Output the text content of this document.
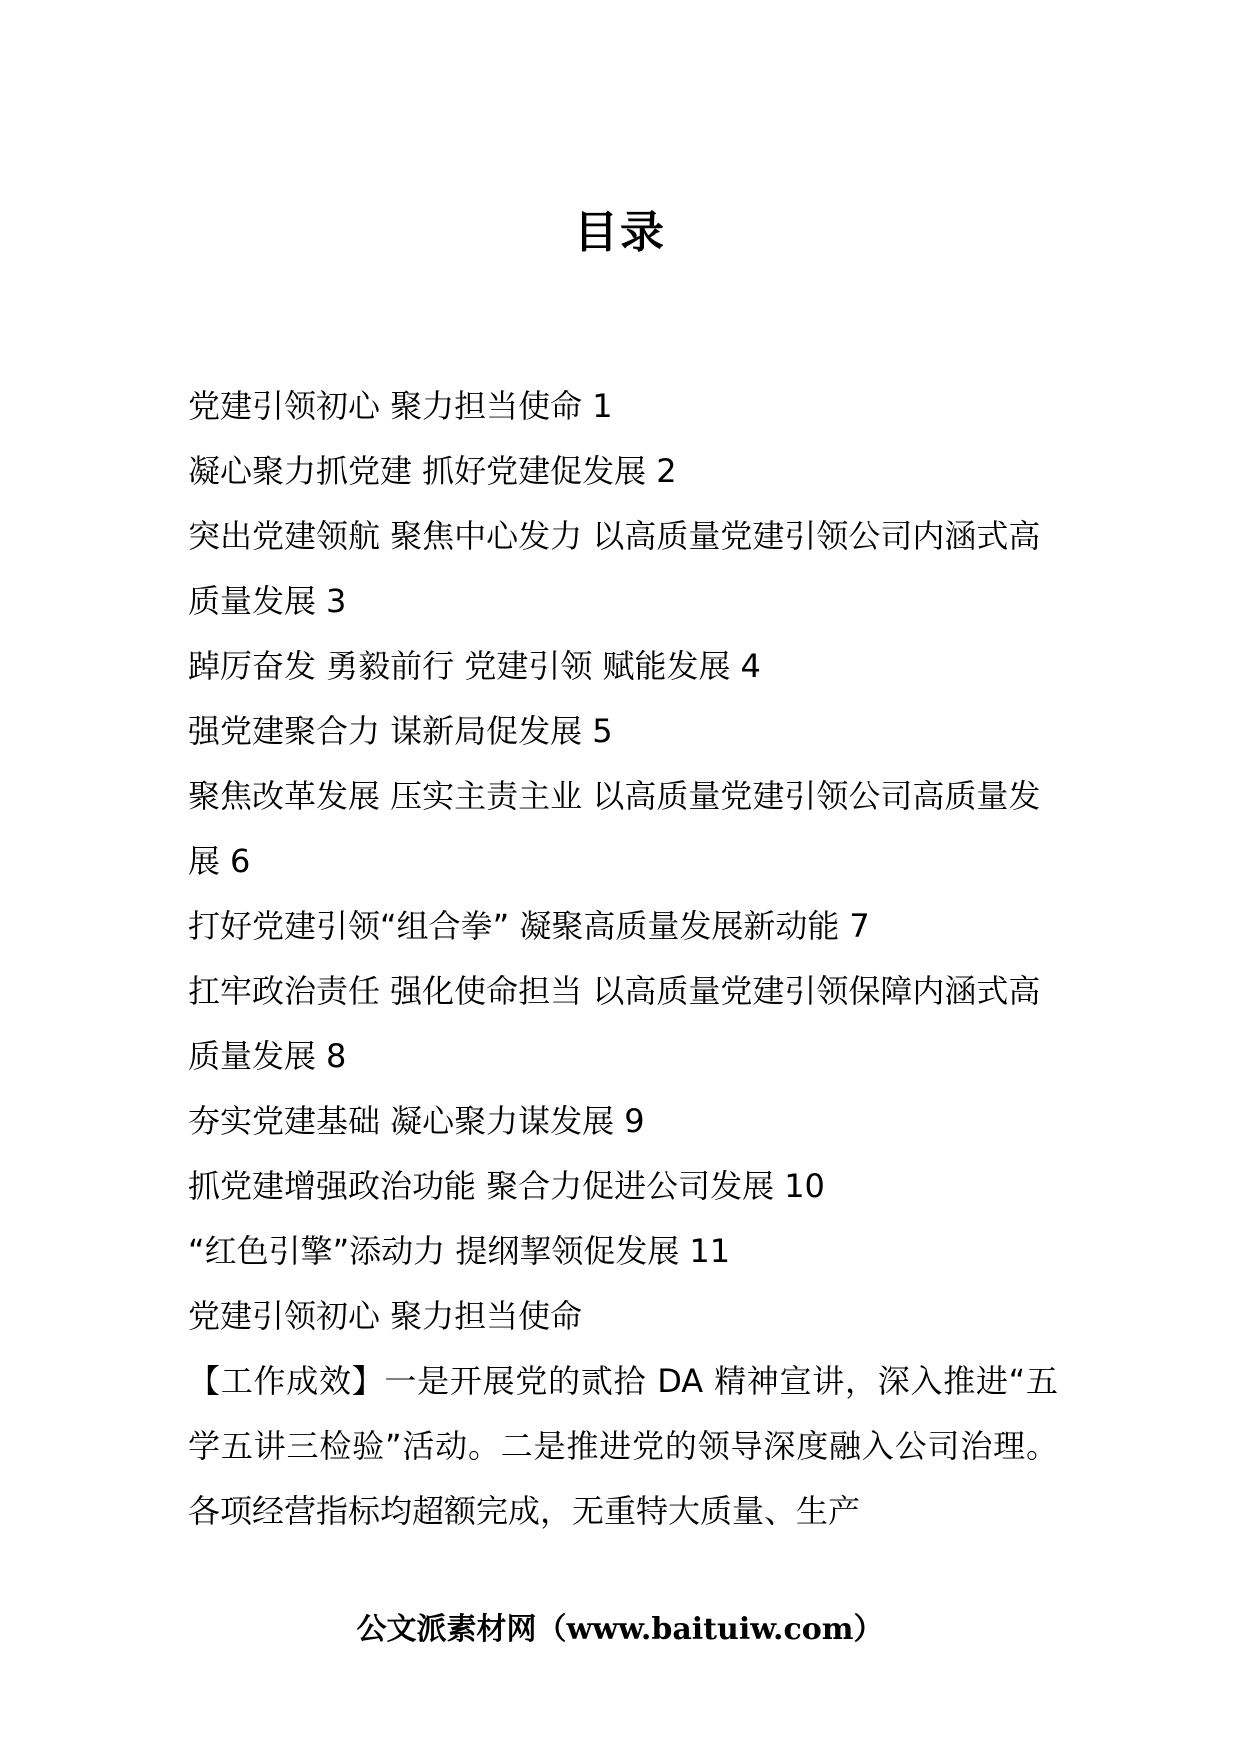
目录

党建引领初心 聚力担当使命 1

凝心聚力抓党建 抓好党建促发展 2

突出党建领航 聚焦中心发力 以高质量党建引领公司内涵式高质量发展 3

踔厉奋发 勇毅前行 党建引领 赋能发展 4

强党建聚合力 谋新局促发展 5

聚焦改革发展 压实主责主业 以高质量党建引领公司高质量发展 6

打好党建引领“组合拳” 凝聚高质量发展新动能 7

扛牢政治责任 强化使命担当 以高质量党建引领保障内涵式高质量发展 8

夯实党建基础 凝心聚力谋发展 9

抓党建增强政治功能 聚合力促进公司发展 10

“红色引擎”添动力 提纲挈领促发展 11

党建引领初心 聚力担当使命

【工作成效】一是开展党的贰拾 DA 精神宣讲，深入推进“五学五讲三检验”活动。二是推进党的领导深度融入公司治理。各项经营指标均超额完成，无重特大质量、生产

公文派素材网（www.baituiw.com）
